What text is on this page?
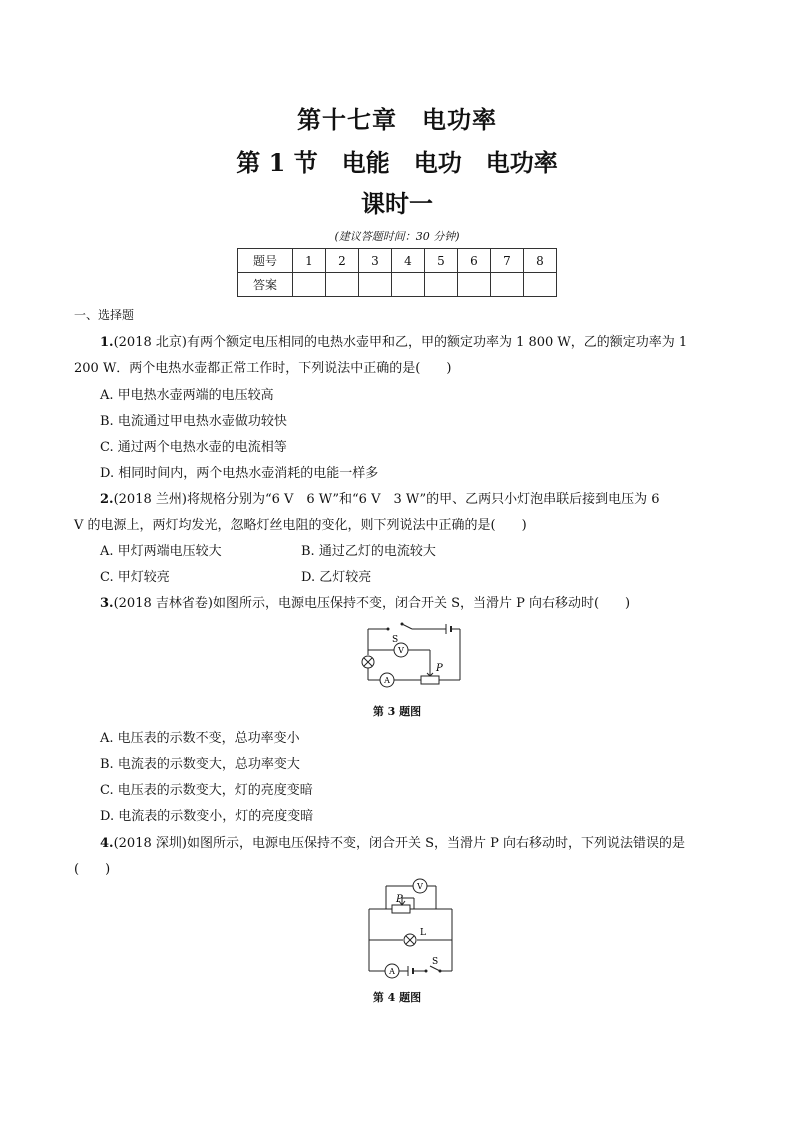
第十七章　电功率
第 1 节　电能　电功　电功率
课时一
(建议答题时间：30 分钟)
题号	1	2	3	4	5	6	7	8
答案								
一、选择题
1.(2018 北京)有两个额定电压相同的电热水壶甲和乙，甲的额定功率为 1 800 W，乙的额定功率为 1
200 W．两个电热水壶都正常工作时，下列说法中正确的是(　　)
A. 甲电热水壶两端的电压较高
B. 电流通过甲电热水壶做功较快
C. 通过两个电热水壶的电流相等
D. 相同时间内，两个电热水壶消耗的电能一样多
2.(2018 兰州)将规格分别为“6 V　6 W”和“6 V　3 W”的甲、乙两只小灯泡串联后接到电压为 6
V 的电源上，两灯均发光，忽略灯丝电阻的变化，则下列说法中正确的是(　　)
A. 甲灯两端电压较大	B. 通过乙灯的电流较大
C. 甲灯较亮	D. 乙灯较亮
3.(2018 吉林省卷)如图所示，电源电压保持不变，闭合开关 S，当滑片 P 向右移动时(　　)
S
V
A
P
第 3 题图
A. 电压表的示数不变，总功率变小
B. 电流表的示数变大，总功率变大
C. 电压表的示数变大，灯的亮度变暗
D. 电流表的示数变小，灯的亮度变暗
4.(2018 深圳)如图所示，电源电压保持不变，闭合开关 S，当滑片 P 向右移动时，下列说法错误的是
(　　)
V
P
L
A
S
第 4 题图
